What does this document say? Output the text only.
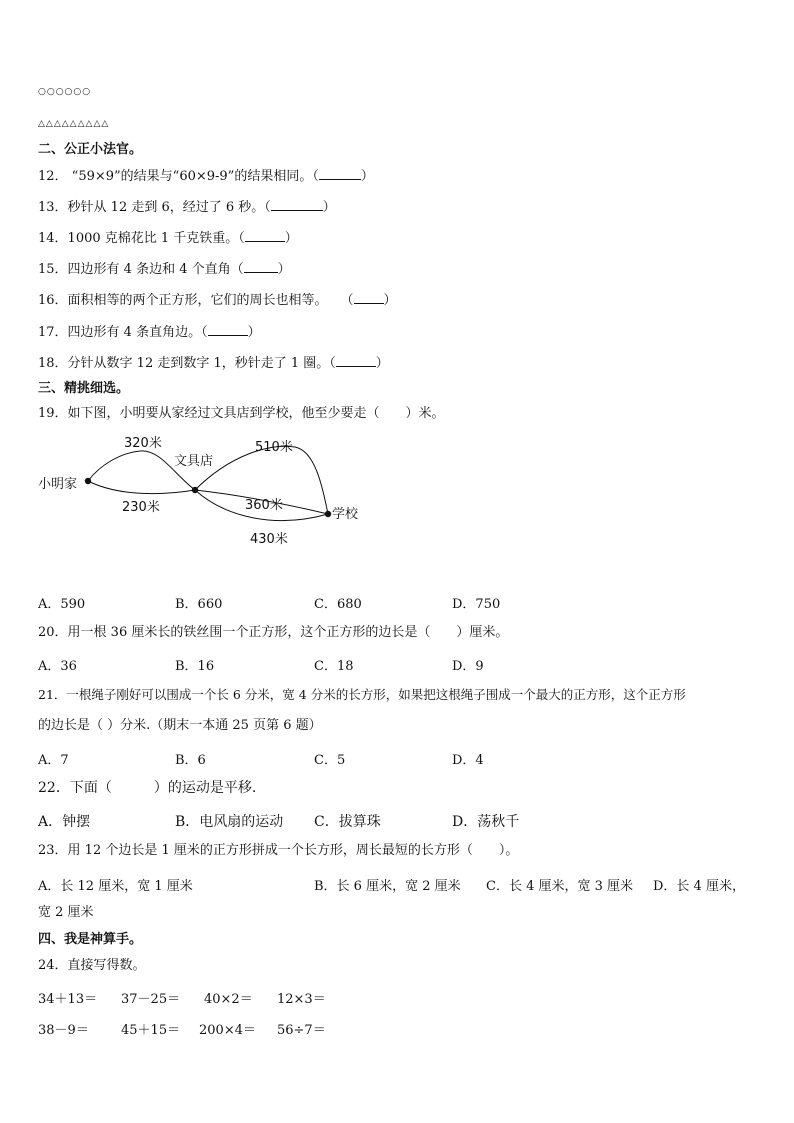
○○○○○○
△△△△△△△△△
二、公正小法官。
12． “59×9”的结果与“60×9-9”的结果相同。（	）
13．秒针从 12 走到 6，经过了 6 秒。（	）
14．1000 克棉花比 1 千克铁重。（	）
15．四边形有 4 条边和 4 个直角（	）
16．面积相等的两个正方形，它们的周长也相等。　　（ ）
17．四边形有 4 条直角边。（	）
18．分针从数字 12 走到数字 1，秒针走了 1 圈。（	）
三、精挑细选。
19．如下图，小明要从家经过文具店到学校，他至少要走（　　）米。
小明家
文具店
学校
320米
230米
510米
360米
430米
A．590	B．660	C．680	D．750
20．用一根 36 厘米长的铁丝围一个正方形，这个正方形的边长是（　　）厘米。
A．36	B．16	C．18	D．9
21．一根绳子刚好可以围成一个长 6 分米，宽 4 分米的长方形，如果把这根绳子围成一个最大的正方形，这个正方形
的边长是（ ）分米.（期末一本通 25 页第 6 题）
A．7	B．6	C．5	D．4
22．下面（　　　）的运动是平移.
A．钟摆	B．电风扇的运动 C．拔算珠	D．荡秋千
23．用 12 个边长是 1 厘米的正方形拼成一个长方形，周长最短的长方形（　　）。
A．长 12 厘米，宽 1 厘米	B．长 6 厘米，宽 2 厘米 C．长 4 厘米，宽 3 厘米 D．长 4 厘米，
宽 2 厘米
四、我是神算手。
24．直接写得数。
34＋13＝ 37－25＝ 40×2＝ 12×3＝
38－9＝ 45＋15＝ 200×4＝ 56÷7＝
